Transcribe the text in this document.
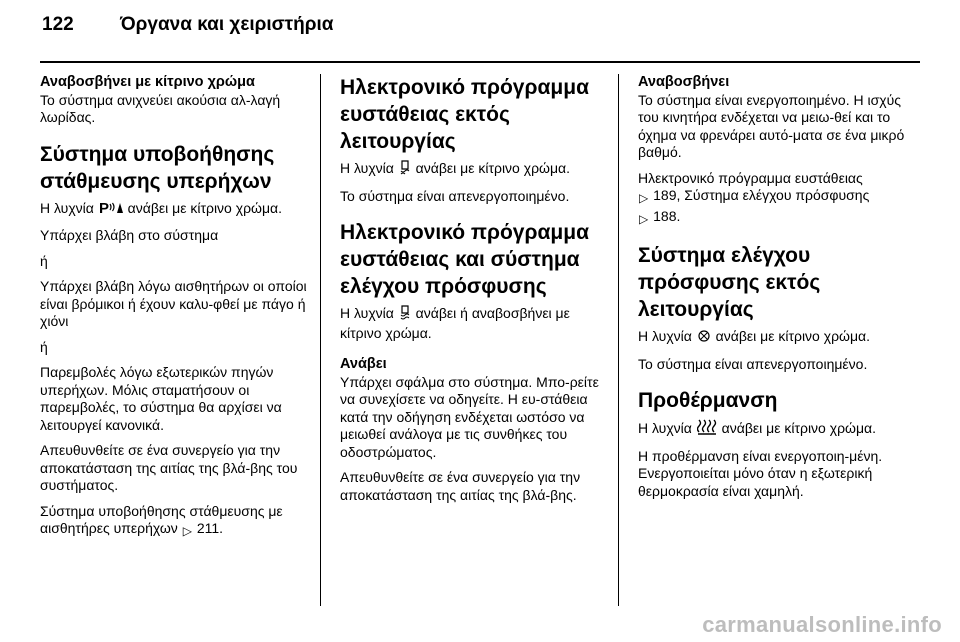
122	Όργανα και χειριστήρια
Αναβοσβήνει με κίτρινο χρώμα

Το σύστημα ανιχνεύει ακούσια αλ-λαγή λωρίδας.

Σύστημα υποβοήθησης στάθμευσης υπερήχων

Η λυχνία P ανάβει με κίτρινο χρώμα.

Υπάρχει βλάβη στο σύστημα

ή

Υπάρχει βλάβη λόγω αισθητήρων οι οποίοι είναι βρόμικοι ή έχουν καλυ-φθεί με πάγο ή χιόνι

ή

Παρεμβολές λόγω εξωτερικών πηγών υπερήχων. Μόλις σταματήσουν οι παρεμβολές, το σύστημα θα αρχίσει να λειτουργεί κανονικά.

Απευθυνθείτε σε ένα συνεργείο για την αποκατάσταση της αιτίας της βλά-βης του συστήματος.

Σύστημα υποβοήθησης στάθμευσης με αισθητήρες υπερήχων ▷ 211.

Ηλεκτρονικό πρόγραμμα ευστάθειας εκτός λειτουργίας

Η λυχνία ανάβει με κίτρινο χρώμα.

Το σύστημα είναι απενεργοποιημένο.

Ηλεκτρονικό πρόγραμμα ευστάθειας και σύστημα ελέγχου πρόσφυσης

Η λυχνία ανάβει ή αναβοσβήνει με κίτρινο χρώμα.

Ανάβει

Υπάρχει σφάλμα στο σύστημα. Μπο-ρείτε να συνεχίσετε να οδηγείτε. Η ευ-στάθεια κατά την οδήγηση ενδέχεται ωστόσο να μειωθεί ανάλογα με τις συνθήκες του οδοστρώματος.

Απευθυνθείτε σε ένα συνεργείο για την αποκατάσταση της αιτίας της βλά-βης.

Αναβοσβήνει

Το σύστημα είναι ενεργοποιημένο. Η ισχύς του κινητήρα ενδέχεται να μειω-θεί και το όχημα να φρενάρει αυτό-ματα σε ένα μικρό βαθμό.

Ηλεκτρονικό πρόγραμμα ευστάθειας
▷ 189, Σύστημα ελέγχου πρόσφυσης
▷ 188.

Σύστημα ελέγχου πρόσφυσης εκτός λειτουργίας

Η λυχνία ανάβει με κίτρινο χρώμα.

Το σύστημα είναι απενεργοποιημένο.

Προθέρμανση

Η λυχνία ανάβει με κίτρινο χρώμα.

Η προθέρμανση είναι ενεργοποιη-μένη. Ενεργοποιείται μόνο όταν η εξωτερική θερμοκρασία είναι χαμηλή.

carmanualsonline.info
